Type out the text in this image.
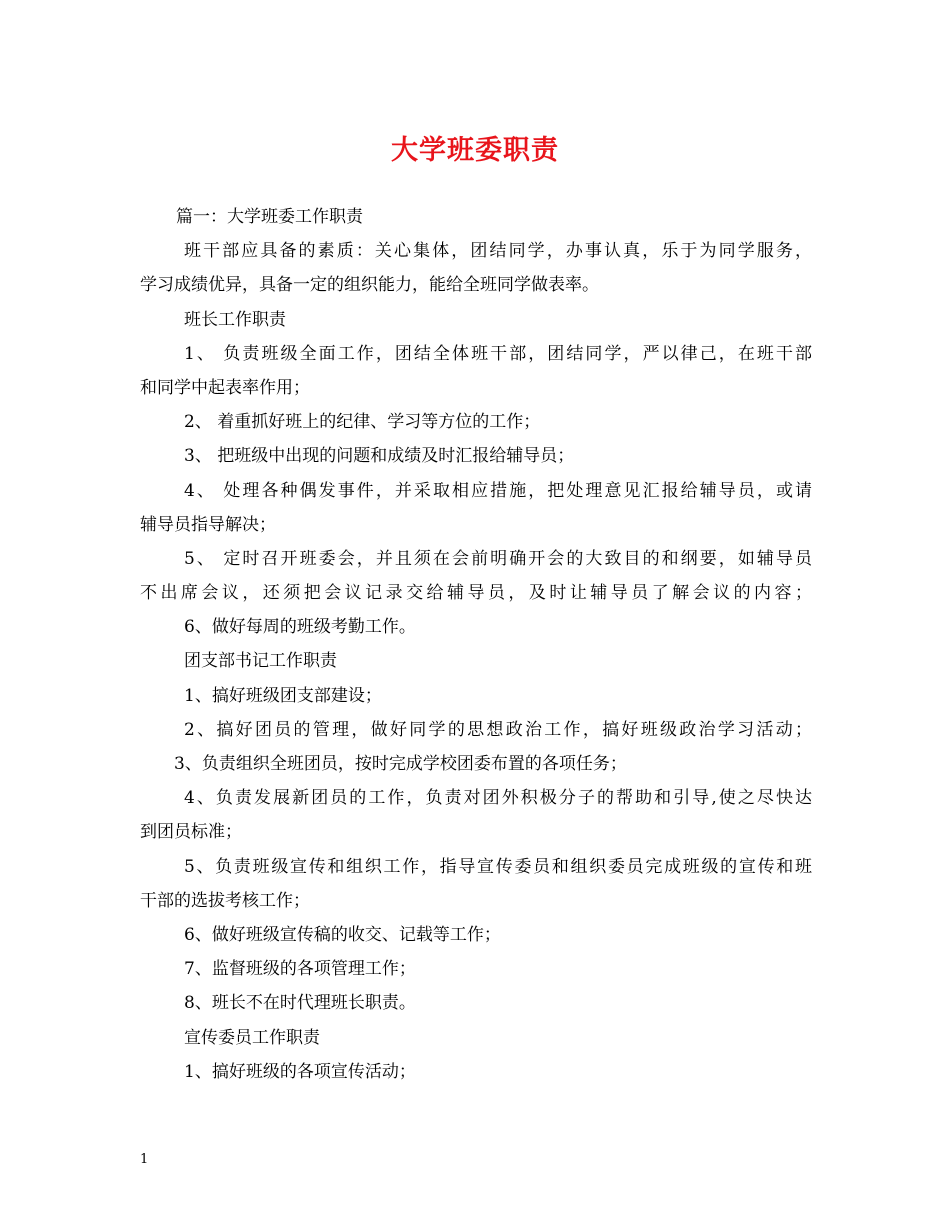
大学班委职责
篇一：大学班委工作职责
班干部应具备的素质：关心集体，团结同学，办事认真，乐于为同学服务，
学习成绩优异，具备一定的组织能力，能给全班同学做表率。
班长工作职责
1、 负责班级全面工作，团结全体班干部，团结同学，严以律己，在班干部
和同学中起表率作用；
2、 着重抓好班上的纪律、学习等方位的工作；
3、 把班级中出现的问题和成绩及时汇报给辅导员；
4、 处理各种偶发事件，并采取相应措施，把处理意见汇报给辅导员，或请
辅导员指导解决；
5、 定时召开班委会，并且须在会前明确开会的大致目的和纲要，如辅导员
不出席会议，还须把会议记录交给辅导员，及时让辅导员了解会议的内容；
6、做好每周的班级考勤工作。
团支部书记工作职责
1、搞好班级团支部建设；
2、搞好团员的管理，做好同学的思想政治工作，搞好班级政治学习活动；
3、负责组织全班团员，按时完成学校团委布置的各项任务；
4、负责发展新团员的工作，负责对团外积极分子的帮助和引导,使之尽快达
到团员标准；
5、负责班级宣传和组织工作，指导宣传委员和组织委员完成班级的宣传和班
干部的选拔考核工作；
6、做好班级宣传稿的收交、记载等工作；
7、监督班级的各项管理工作；
8、班长不在时代理班长职责。
宣传委员工作职责
1、搞好班级的各项宣传活动；
1
